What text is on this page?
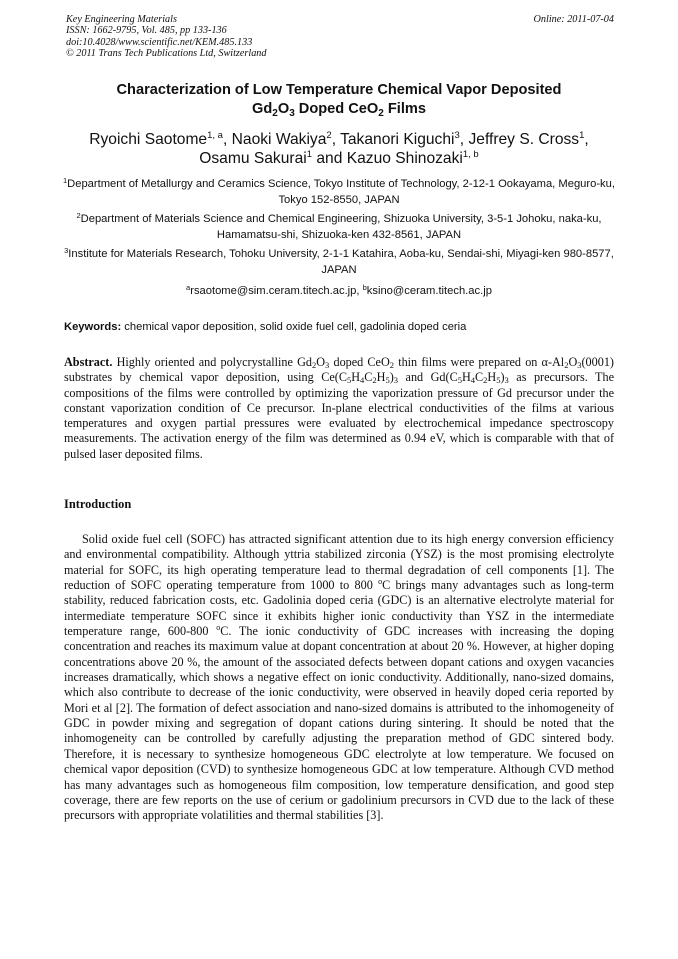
Key Engineering Materials
ISSN: 1662-9795, Vol. 485, pp 133-136
doi:10.4028/www.scientific.net/KEM.485.133
© 2011 Trans Tech Publications Ltd, Switzerland
Online: 2011-07-04
Characterization of Low Temperature Chemical Vapor Deposited
$Gd_2O_3$ Doped CeO$_2$ Films
Ryoichi Saotome$^{1, a}$, Naoki Wakiya$^2$, Takanori Kiguchi$^3$, Jeffrey S. Cross$^1$,
Osamu Sakurai$^1$ and Kazuo Shinozaki$^{1, b}$
$^1$Department of Metallurgy and Ceramics Science, Tokyo Institute of Technology, 2-12-1 Ookayama, Meguro-ku, Tokyo 152-8550, JAPAN
$^2$Department of Materials Science and Chemical Engineering, Shizuoka University, 3-5-1 Johoku, naka-ku, Hamamatsu-shi, Shizuoka-ken 432-8561, JAPAN
$^3$Institute for Materials Research, Tohoku University, 2-1-1 Katahira, Aoba-ku, Sendai-shi, Miyagi-ken 980-8577, JAPAN
$^a$rsaotome@sim.ceram.titech.ac.jp, $^b$ksino@ceram.titech.ac.jp
Keywords: chemical vapor deposition, solid oxide fuel cell, gadolinia doped ceria
Abstract. Highly oriented and polycrystalline $Gd_2O_3$ doped CeO$_2$ thin films were prepared on $\alpha-Al_2O_3(0001)$ substrates by chemical vapor deposition, using $Ce(C_5H_4C_2H_5)_3$ and $Gd(C_5H_4C_2H_5)_3$ as precursors. The compositions of the films were controlled by optimizing the vaporization pressure of Gd precursor under the constant vaporization condition of Ce precursor. In-plane electrical conductivities of the films at various temperatures and oxygen partial pressures were evaluated by electrochemical impedance spectroscopy measurements. The activation energy of the film was determined as 0.94 eV, which is comparable with that of pulsed laser deposited films.
Introduction
Solid oxide fuel cell (SOFC) has attracted significant attention due to its high energy conversion efficiency and environmental compatibility. Although yttria stabilized zirconia (YSZ) is the most promising electrolyte material for SOFC, its high operating temperature lead to thermal degradation of cell components [1]. The reduction of SOFC operating temperature from 1000 to 800 $^o$C brings many advantages such as long-term stability, reduced fabrication costs, etc. Gadolinia doped ceria (GDC) is an alternative electrolyte material for intermediate temperature SOFC since it exhibits higher ionic conductivity than YSZ in the intermediate temperature range, 600-800 $^o$C. The ionic conductivity of GDC increases with increasing the doping concentration and reaches its maximum value at dopant concentration at about 20 %. However, at higher doping concentrations above 20 %, the amount of the associated defects between dopant cations and oxygen vacancies increases dramatically, which shows a negative effect on ionic conductivity. Additionally, nano-sized domains, which also contribute to decrease of the ionic conductivity, were observed in heavily doped ceria reported by Mori et al [2]. The formation of defect association and nano-sized domains is attributed to the inhomogeneity of GDC in powder mixing and segregation of dopant cations during sintering. It should be noted that the inhomogeneity can be controlled by carefully adjusting the preparation method of GDC sintered body. Therefore, it is necessary to synthesize homogeneous GDC electrolyte at low temperature. We focused on chemical vapor deposition (CVD) to synthesize homogeneous GDC at low temperature. Although CVD method has many advantages such as homogeneous film composition, low temperature densification, and good step coverage, there are few reports on the use of cerium or gadolinium precursors in CVD due to the lack of these precursors with appropriate volatilities and thermal stabilities [3].
